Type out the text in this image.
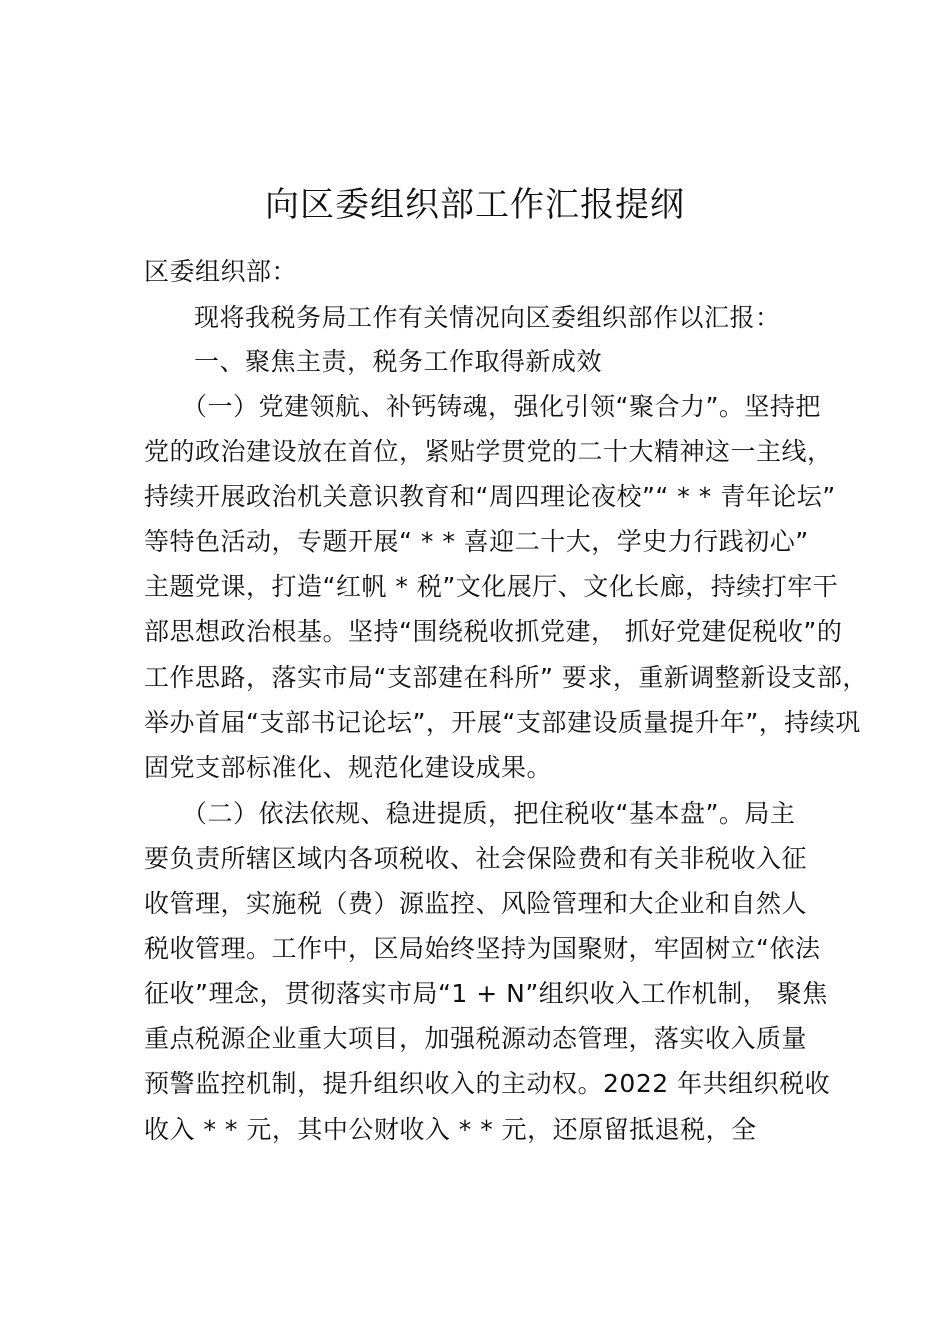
向区委组织部工作汇报提纲
区委组织部：
现将我税务局工作有关情况向区委组织部作以汇报：
一、聚焦主责，税务工作取得新成效
（一）党建领航、补钙铸魂，强化引领“聚合力”。坚持把
党的政治建设放在首位，紧贴学贯党的二十大精神这一主线，
持续开展政治机关意识教育和“周四理论夜校”“ * * 青年论坛”
等特色活动，专题开展“ * * 喜迎二十大，学史力行践初心”
主题党课，打造“红帆 * 税”文化展厅、文化长廊，持续打牢干
部思想政治根基。坚持“围绕税收抓党建， 抓好党建促税收”的
工作思路，落实市局“支部建在科所” 要求，重新调整新设支部，
举办首届“支部书记论坛”，开展“支部建设质量提升年”，持续巩
固党支部标准化、规范化建设成果。
（二）依法依规、稳进提质，把住税收“基本盘”。局主
要负责所辖区域内各项税收、社会保险费和有关非税收入征
收管理，实施税（费）源监控、风险管理和大企业和自然人
税收管理。工作中，区局始终坚持为国聚财，牢固树立“依法
征收”理念，贯彻落实市局“1 + N”组织收入工作机制， 聚焦
重点税源企业重大项目，加强税源动态管理，落实收入质量
预警监控机制，提升组织收入的主动权。2022 年共组织税收
收入 * * 元，其中公财收入 * * 元，还原留抵退税，全
